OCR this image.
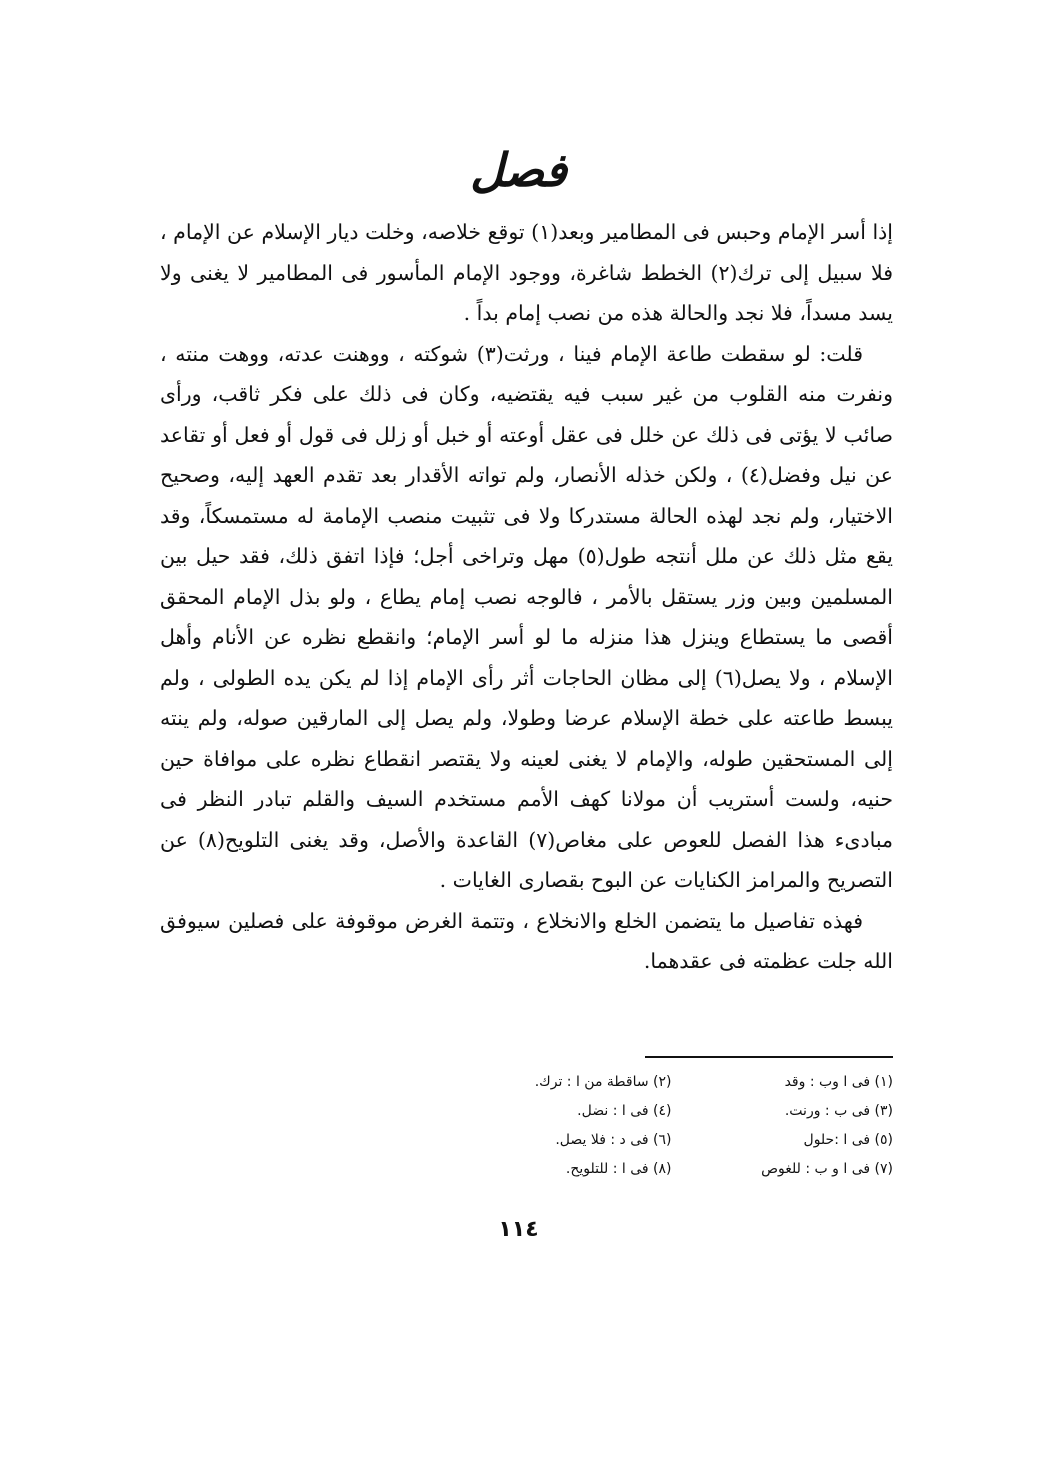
فصل

إذا أسر الإمام وحبس فى المطامير وبعد(١) توقع خلاصه، وخلت ديار الإسلام عن الإمام ، فلا سبيل إلى ترك(٢) الخطط شاغرة، ووجود الإمام المأسور فى المطامير لا يغنى ولا يسد مسداً، فلا نجد والحالة هذه من نصب إمام بداً .

قلت: لو سقطت طاعة الإمام فينا ، ورثت(٣) شوكته ، ووهنت عدته، ووهت منته ، ونفرت منه القلوب من غير سبب فيه يقتضيه، وكان فى ذلك على فكر ثاقب، ورأى صائب لا يؤتى فى ذلك عن خلل فى عقل أوعته أو خبل أو زلل فى قول أو فعل أو تقاعد عن نيل وفضل(٤) ، ولكن خذله الأنصار، ولم تواته الأقدار بعد تقدم العهد إليه، وصحيح الاختيار، ولم نجد لهذه الحالة مستدركا ولا فى تثبيت منصب الإمامة له مستمسكاً، وقد يقع مثل ذلك عن ملل أنتجه طول(٥) مهل وتراخى أجل؛ فإذا اتفق ذلك، فقد حيل بين المسلمين وبين وزر يستقل بالأمر ، فالوجه نصب إمام يطاع ، ولو بذل الإمام المحقق أقصى ما يستطاع وينزل هذا منزله ما لو أسر الإمام؛ وانقطع نظره عن الأنام وأهل الإسلام ، ولا يصل(٦) إلى مظان الحاجات أثر رأى الإمام إذا لم يكن يده الطولى ، ولم يبسط طاعته على خطة الإسلام عرضا وطولا، ولم يصل إلى المارقين صوله، ولم ينته إلى المستحقين طوله، والإمام لا يغنى لعينه ولا يقتصر انقطاع نظره على موافاة حين حنيه، ولست أستريب أن مولانا كهف الأمم مستخدم السيف والقلم تبادر النظر فى مبادىء هذا الفصل للعوص على مغاص(٧) القاعدة والأصل، وقد يغنى التلويح(٨) عن التصريح والمرامز الكنايات عن البوح بقصارى الغايات .

فهذه تفاصيل ما يتضمن الخلع والانخلاع ، وتتمة الغرض موقوفة على فصلين سيوفق الله جلت عظمته فى عقدهما.

(١) فى ا وب : وقد
(٢) ساقطة من ا : ترك.
(٣) فى ب : ورنت.
(٤) فى ا : نضل.
(٥) فى ا :حلول
(٦) فى د : فلا يصل.
(٧) فى ا و ب : للغوص
(٨) فى ا : للتلويح.
١١٤
